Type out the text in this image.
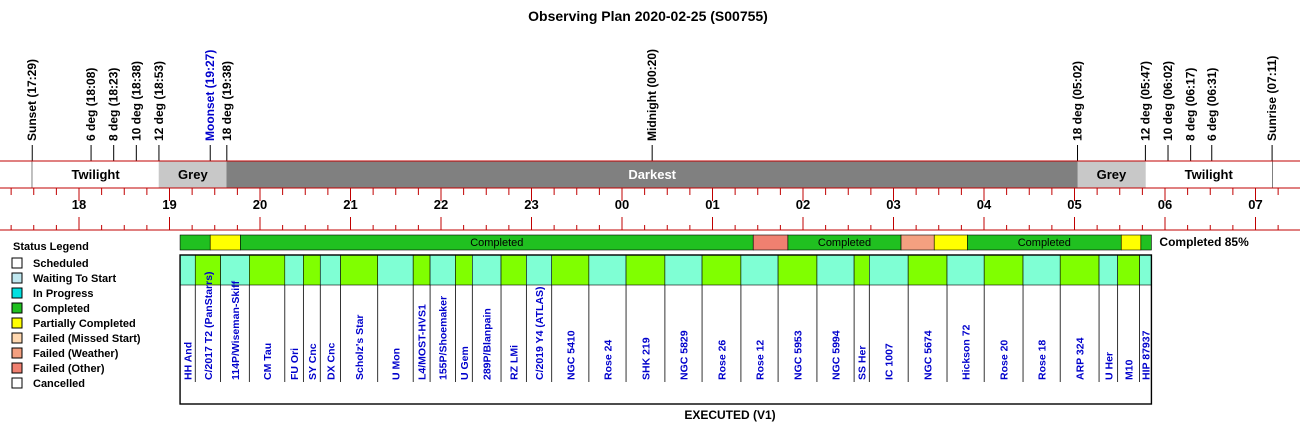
Observing Plan 2020-02-25 (S00755)
Sunset (17:29)	6 deg (18:08) 8 deg (18:23) 10 deg (18:38) 12 deg (18:53)	Moonset (19:27) 18 deg (19:38)	Midnight (00:20)	18 deg (05:02)	12 deg (05:47) 10 deg (06:02) 8 deg (06:17) 6 deg (06:31)	Sunrise (07:11)
Twilight	Grey	Darkest	Grey	Twilight
18	19	20	21	22	23	00	01	02	03	04	05	06	07
Status Legend
Scheduled
Waiting To Start
In Progress
Completed
Partially Completed
Failed (Missed Start)
Failed (Weather)
Failed (Other)
Cancelled
Completed	Completed	Completed	Completed 85%
HH And C/2017 T2 (PanStarrs) 114P/Wiseman-Skiff CM Tau FU Ori SY Cnc DX Cnc Scholz's Star U Mon L4/MOST-HVS1 155P/Shoemaker U Gem 289P/Blanpain RZ LMi C/2019 Y4 (ATLAS) NGC 5410 Rose 24 SHK 219 NGC 5829 Rose 26 Rose 12 NGC 5953 NGC 5994 SS Her IC 1007	NGC 5674 Hickson 72 Rose 20 Rose 18 ARP 324 U Her M10 HIP 87937
EXECUTED (V1)
